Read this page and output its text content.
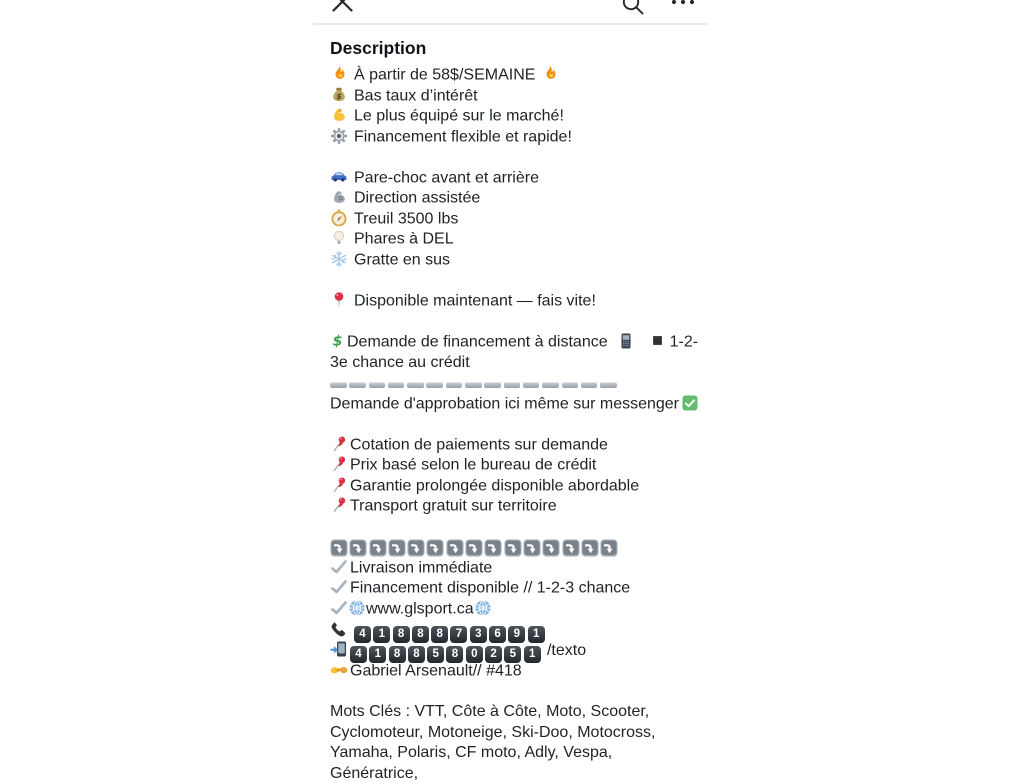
Description
À partir de 58$/SEMAINE
$ Bas taux d’intérêt
Le plus équipé sur le marché!
Financement flexible et rapide!
Pare-choc avant et arrière
Direction assistée
Treuil 3500 lbs
Phares à DEL
Gratte en sus
Disponible maintenant — fais vite!
$ Demande de financement à distance	1-2-3e chance au crédit
Demande d'approbation ici même sur messenger
Cotation de paiements sur demande
Prix basé selon le bureau de crédit
Garantie prolongée disponible abordable
Transport gratuit sur territoire
Livraison immédiate
Financement disponible // 1-2-3 chance
www.glsport.ca
4 1 8 8 8 7 3 6 9 1
4 1 8 8 5 8 0 2 5 1 /texto
Gabriel Arsenault// #418
Mots Clés : VTT, Côte à Côte, Moto, Scooter, Cyclomoteur, Motoneige, Ski-Doo, Motocross, Yamaha, Polaris, CF moto, Adly, Vespa, Génératrice,
